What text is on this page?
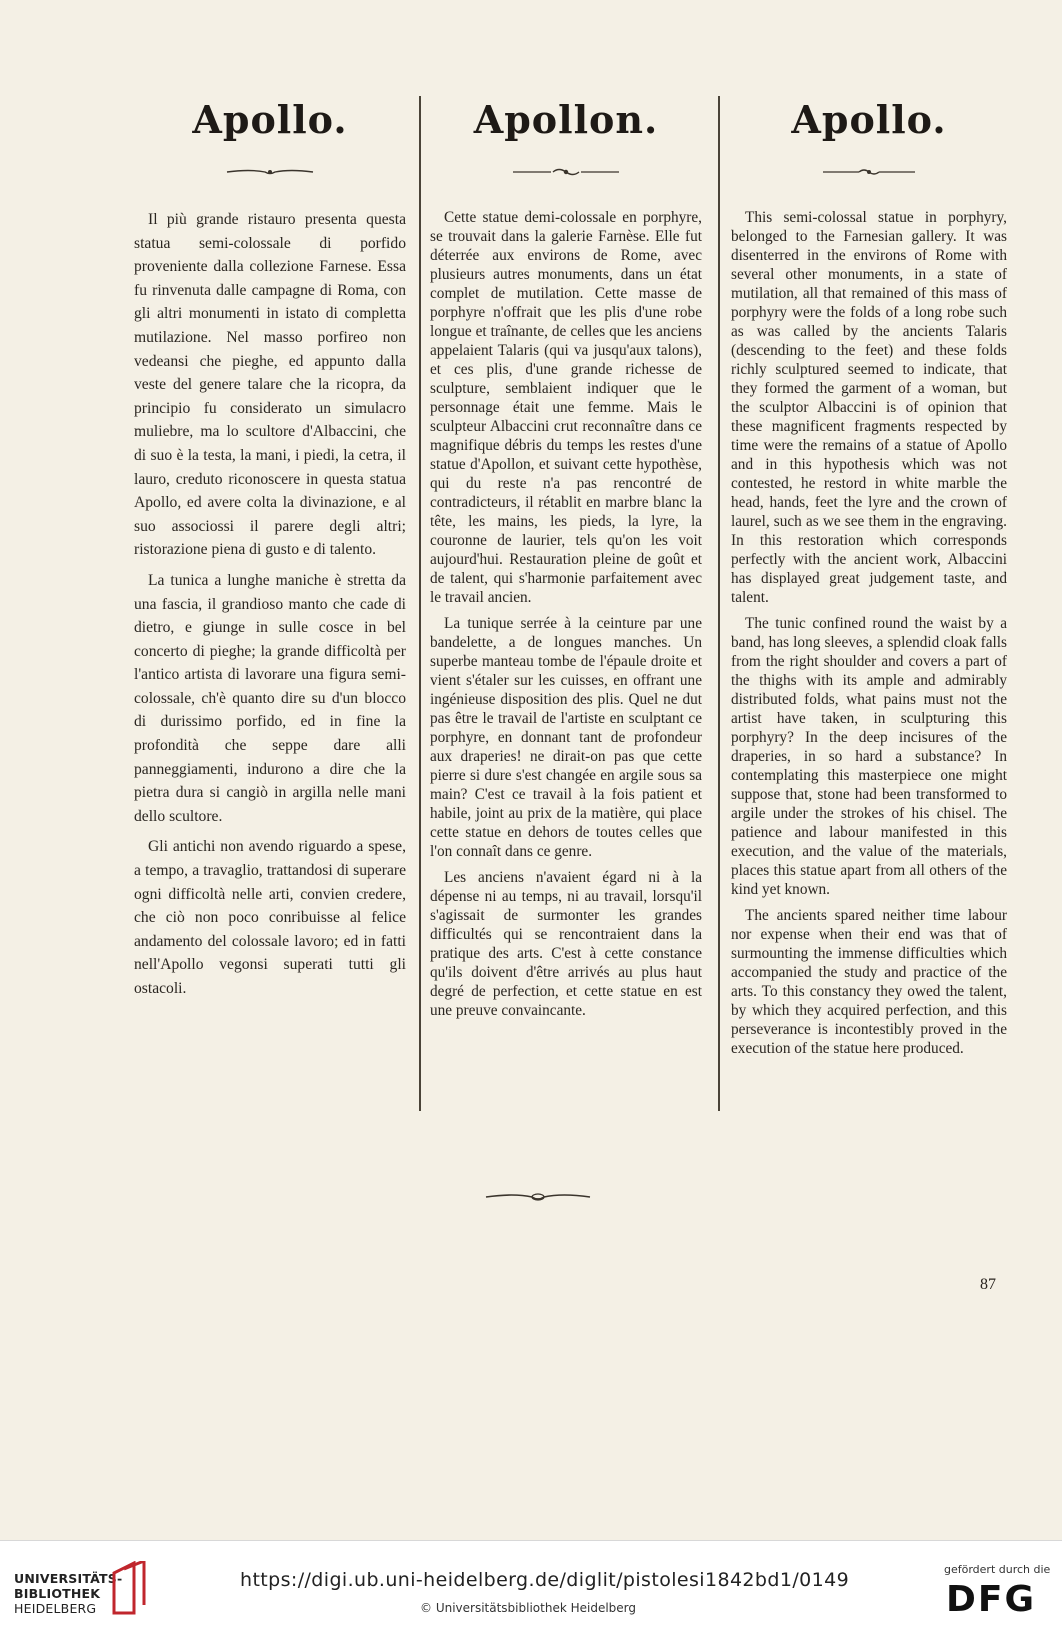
Apollo.

Il più grande ristauro presenta questa statua semi-colossale di porfido proveniente dalla collezione Farnese. Essa fu rinvenuta dalle campagne di Roma, con gli altri monumenti in istato di completta mutilazione. Nel masso porfireo non vedeansi che pieghe, ed appunto dalla veste del genere talare che la ricopra, da principio fu considerato un simulacro muliebre, ma lo scultore d'Albaccini, che di suo è la testa, la mani, i piedi, la cetra, il lauro, creduto riconoscere in questa statua Apollo, ed avere colta la divinazione, e al suo associossi il parere degli altri; ristorazione piena di gusto e di talento.

La tunica a lunghe maniche è stretta da una fascia, il grandioso manto che cade di dietro, e giunge in sulle cosce in bel concerto di pieghe; la grande difficoltà per l'antico artista di lavorare una figura semi-colossale, ch'è quanto dire su d'un blocco di durissimo porfido, ed in fine la profondità che seppe dare alli panneggiamenti, indurono a dire che la pietra dura si cangiò in argilla nelle mani dello scultore.

Gli antichi non avendo riguardo a spese, a tempo, a travaglio, trattandosi di superare ogni difficoltà nelle arti, convien credere, che ciò non poco conribuisse al felice andamento del colossale lavoro; ed in fatti nell'Apollo vegonsi superati tutti gli ostacoli.

Apollon.

Cette statue demi-colossale en porphyre, se trouvait dans la galerie Farnèse. Elle fut déterrée aux environs de Rome, avec plusieurs autres monuments, dans un état complet de mutilation. Cette masse de porphyre n'offrait que les plis d'une robe longue et traînante, de celles que les anciens appelaient Talaris (qui va jusqu'aux talons), et ces plis, d'une grande richesse de sculpture, semblaient indiquer que le personnage était une femme. Mais le sculpteur Albaccini crut reconnaître dans ce magnifique débris du temps les restes d'une statue d'Apollon, et suivant cette hypothèse, qui du reste n'a pas rencontré de contradicteurs, il rétablit en marbre blanc la tête, les mains, les pieds, la lyre, la couronne de laurier, tels qu'on les voit aujourd'hui. Restauration pleine de goût et de talent, qui s'harmonie parfaitement avec le travail ancien.

La tunique serrée à la ceinture par une bandelette, a de longues manches. Un superbe manteau tombe de l'épaule droite et vient s'étaler sur les cuisses, en offrant une ingénieuse disposition des plis. Quel ne dut pas être le travail de l'artiste en sculptant ce porphyre, en donnant tant de profondeur aux draperies! ne dirait-on pas que cette pierre si dure s'est changée en argile sous sa main? C'est ce travail à la fois patient et habile, joint au prix de la matière, qui place cette statue en dehors de toutes celles que l'on connaît dans ce genre.

Les anciens n'avaient égard ni à la dépense ni au temps, ni au travail, lorsqu'il s'agissait de surmonter les grandes difficultés qui se rencontraient dans la pratique des arts. C'est à cette constance qu'ils doivent d'être arrivés au plus haut degré de perfection, et cette statue en est une preuve convaincante.

Apollo.

This semi-colossal statue in porphyry, belonged to the Farnesian gallery. It was disenterred in the environs of Rome with several other monuments, in a state of mutilation, all that remained of this mass of porphyry were the folds of a long robe such as was called by the ancients Talaris (descending to the feet) and these folds richly sculptured seemed to indicate, that they formed the garment of a woman, but the sculptor Albaccini is of opinion that these magnificent fragments respected by time were the remains of a statue of Apollo and in this hypothesis which was not contested, he restord in white marble the head, hands, feet the lyre and the crown of laurel, such as we see them in the engraving. In this restoration which corresponds perfectly with the ancient work, Albaccini has displayed great judgement taste, and talent.

The tunic confined round the waist by a band, has long sleeves, a splendid cloak falls from the right shoulder and covers a part of the thighs with its ample and admirably distributed folds, what pains must not the artist have taken, in sculpturing this porphyry? In the deep incisures of the draperies, in so hard a substance? In contemplating this masterpiece one might suppose that, stone had been transformed to argile under the strokes of his chisel. The patience and labour manifested in this execution, and the value of the materials, places this statue apart from all others of the kind yet known.

The ancients spared neither time labour nor expense when their end was that of surmounting the immense difficulties which accompanied the study and practice of the arts. To this constancy they owed the talent, by which they acquired perfection, and this perseverance is incontestibly proved in the execution of the statue here produced.

87
UNIVERSITÄTS-
BIBLIOTHEK
HEIDELBERG
https://digi.ub.uni-heidelberg.de/diglit/pistolesi1842bd1/0149
© Universitätsbibliothek Heidelberg
gefördert durch die
DFG
